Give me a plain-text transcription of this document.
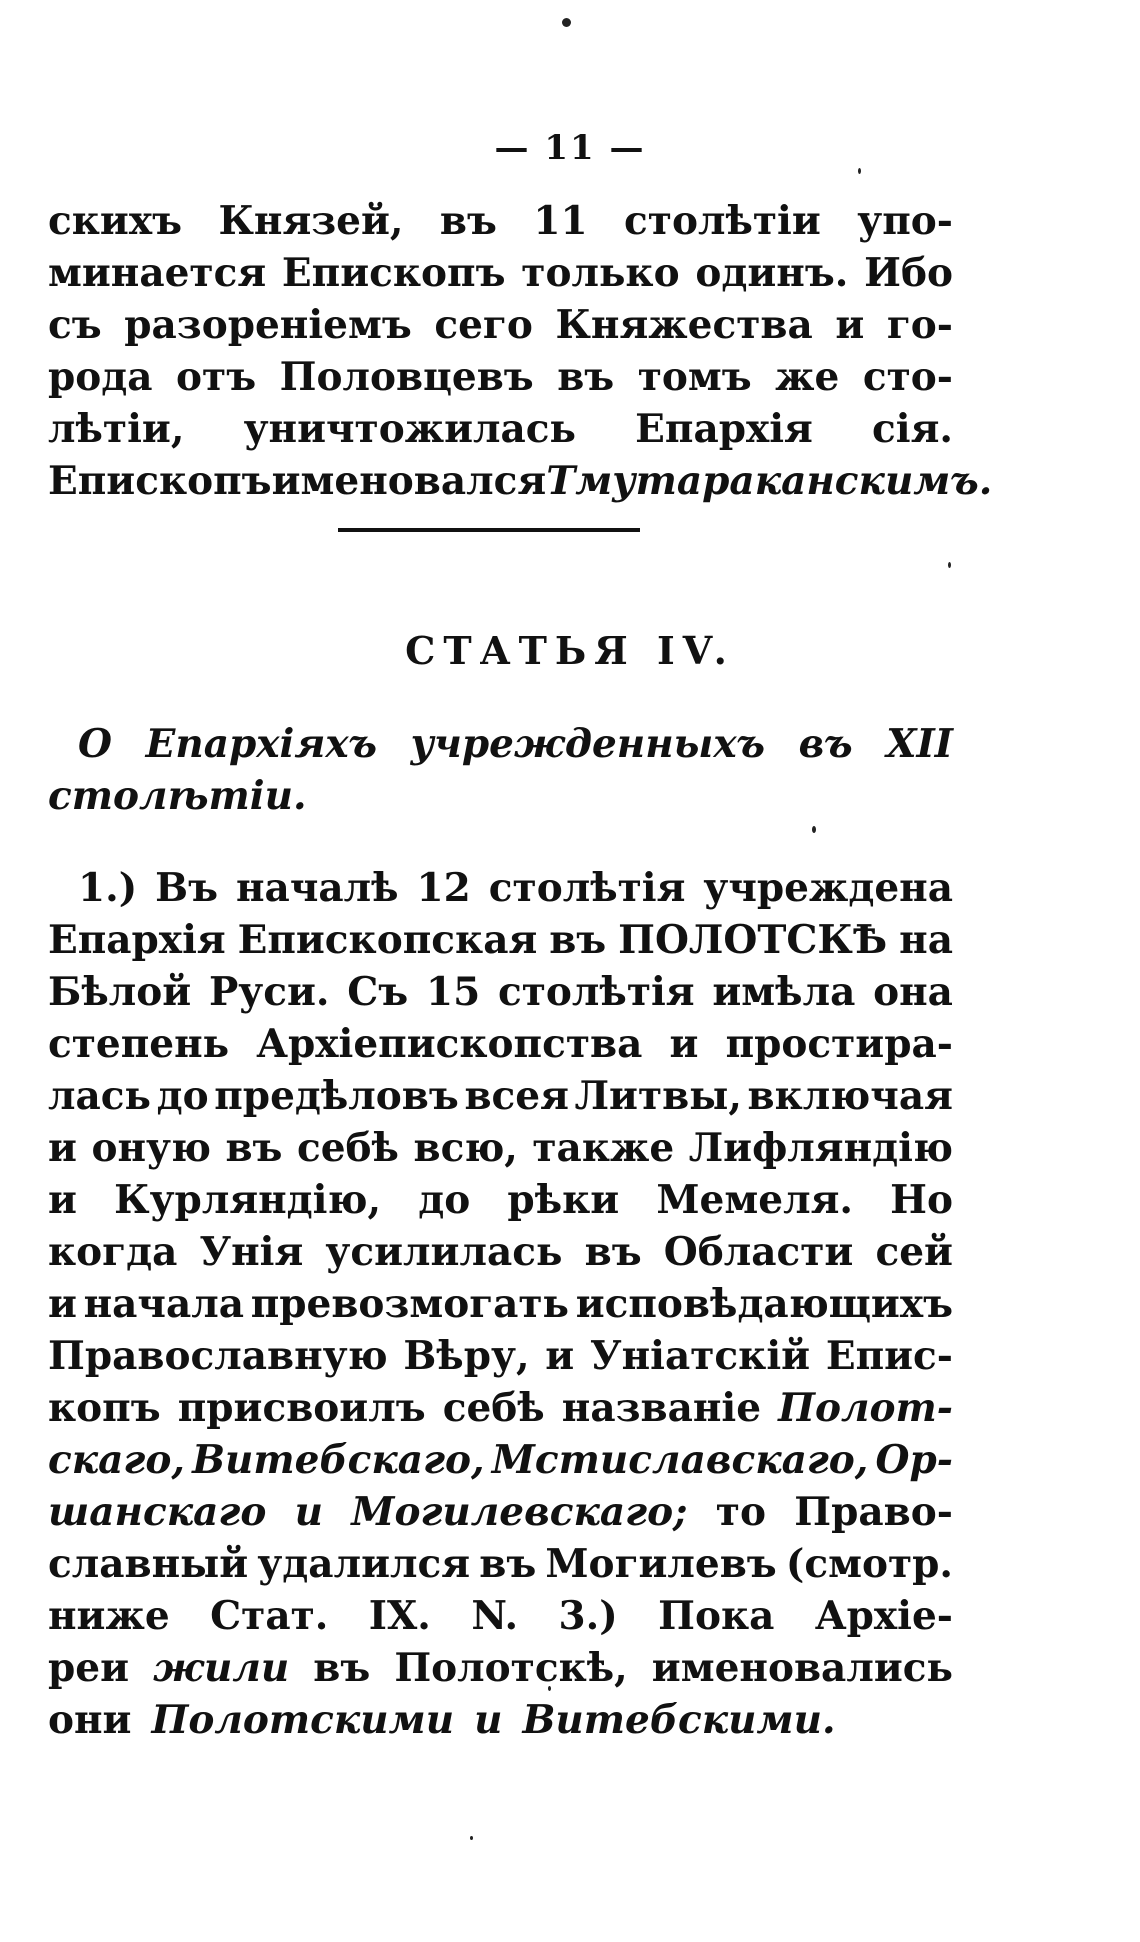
— 11 —
скихъ Князей, въ 11 столѣтіи упо-
минается Епископъ только одинъ. Ибо
съ разореніемъ сего Княжества и го-
рода отъ Половцевъ въ томъ же сто-
лѣтіи, уничтожилась Епархія сія.
Епископъ именовался Тмутараканскимъ.
СТАТЬЯ IV.
О Епархіяхъ учрежденныхъ въ XII
столѣтіи.
1.) Въ началѣ 12 столѣтія учреждена
Епархія Епископская въ ПОЛОТСКѢ на
Бѣлой Руси. Съ 15 столѣтія имѣла она
степень Архіепископства и простира-
лась до предѣловъ всея Литвы, включая
и оную въ себѣ всю, также Лифляндію
и Курляндію, до рѣки Мемеля. Но
когда Унія усилилась въ Области сей
и начала превозмогать исповѣдающихъ
Православную Вѣру, и Уніатскій Епис-
копъ присвоилъ себѣ названіе Полот-
скаго, Витебскаго, Мстиславскаго, Ор-
шанскаго и Могилевскаго; то Право-
славный удалился въ Могилевъ (смотр.
ниже Стат. IX. N. 3.) Пока Архіе-
реи жили въ Полотскѣ, именовались
они Полотскими и Витебскими.
